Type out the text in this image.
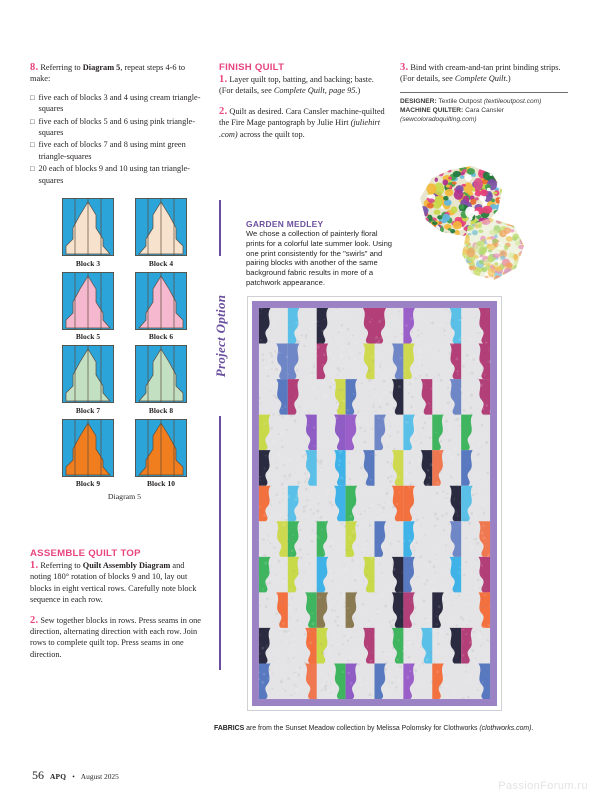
8. Referring to Diagram 5, repeat steps 4-6 to make:
□ five each of blocks 3 and 4 using cream triangle-squares
□ five each of blocks 5 and 6 using pink triangle-squares
□ five each of blocks 7 and 8 using mint green triangle-squares
□ 20 each of blocks 9 and 10 using tan triangle-squares
Block 3	Block 4
Block 5	Block 6
Block 7	Block 8
Block 9	Block 10
Diagram 5
ASSEMBLE QUILT TOP
1. Referring to Quilt Assembly Diagram and noting 180° rotation of blocks 9 and 10, lay out blocks in eight vertical rows. Carefully note block sequence in each row.
2. Sew together blocks in rows. Press seams in one direction, alternating direction with each row. Join rows to complete quilt top. Press seams in one direction.
FINISH QUILT
1. Layer quilt top, batting, and backing; baste. (For details, see Complete Quilt, page 95.)
2. Quilt as desired. Cara Cansler machine-quilted the Fire Mage pantograph by Julie Hirt (juliehirt .com) across the quilt top.
3. Bind with cream-and-tan print binding strips. (For details, see Complete Quilt.)
DESIGNER: Textile Outpost (textileoutpost.com)
MACHINE QUILTER: Cara Cansler
(sewcoloradoquilting.com)
Project Option
GARDEN MEDLEY
We chose a collection of painterly floral prints for a colorful late summer look. Using one print consistently for the "swirls" and pairing blocks with another of the same background fabric results in more of a patchwork appearance.
FABRICS are from the Sunset Meadow collection by Melissa Polomsky for Clothworks (clothworks.com).
56 APQ • August 2025
PassionForum.ru
